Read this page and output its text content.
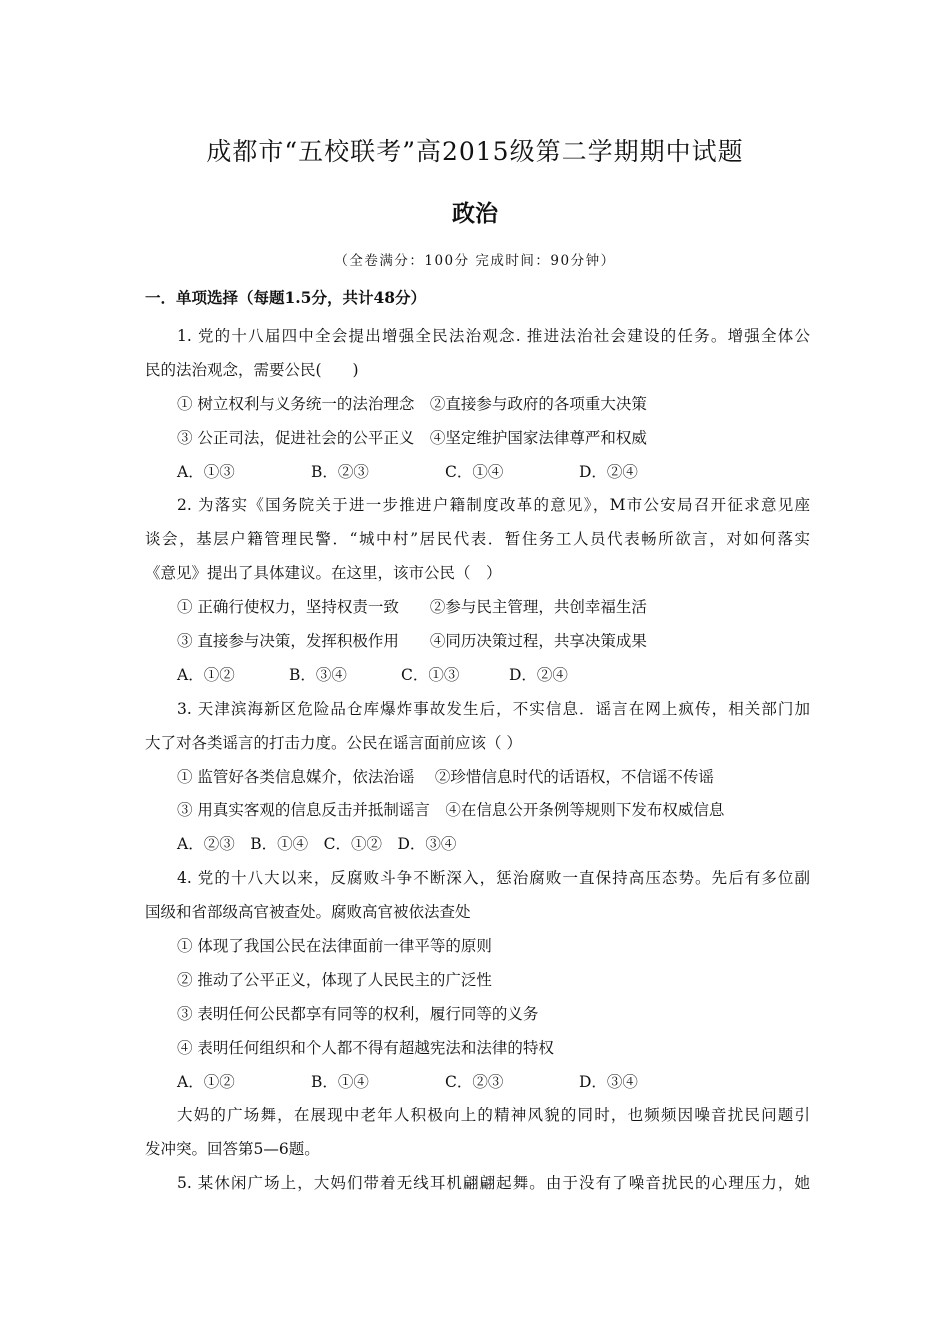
成都市“五校联考”高2015级第二学期期中试题
政治
（全卷满分：100分 完成时间：90分钟）
一．单项选择（每题1.5分，共计48分）
1. 党的十八届四中全会提出增强全民法治观念. 推进法治社会建设的任务。增强全体公
民的法治观念，需要公民(　　)
① 树立权利与义务统一的法治理念　②直接参与政府的各项重大决策
③ 公正司法，促进社会的公平正义　④坚定维护国家法律尊严和权威
A．①③	B．②③	C．①④	D．②④
2. 为落实《国务院关于进一步推进户籍制度改革的意见》，M市公安局召开征求意见座
谈会，基层户籍管理民警．“城中村”居民代表．暂住务工人员代表畅所欲言，对如何落实
《意见》提出了具体建议。在这里，该市公民（　）
① 正确行使权力，坚持权责一致　　②参与民主管理，共创幸福生活
③ 直接参与决策，发挥积极作用　　④同历决策过程，共享决策成果
A．①②	B．③④	C．①③	D．②④
3. 天津滨海新区危险品仓库爆炸事故发生后，不实信息．谣言在网上疯传，相关部门加
大了对各类谣言的打击力度。公民在谣言面前应该（ ）
① 监管好各类信息媒介，依法治谣　 ②珍惜信息时代的话语权，不信谣不传谣
③ 用真实客观的信息反击并抵制谣言　④在信息公开条例等规则下发布权威信息
A．②③　B．①④　C．①②　D．③④
4. 党的十八大以来，反腐败斗争不断深入，惩治腐败一直保持高压态势。先后有多位副
国级和省部级高官被查处。腐败高官被依法查处
① 体现了我国公民在法律面前一律平等的原则
② 推动了公平正义，体现了人民民主的广泛性
③ 表明任何公民都享有同等的权利，履行同等的义务
④ 表明任何组织和个人都不得有超越宪法和法律的特权
A．①②	B．①④	C．②③	D．③④
大妈的广场舞，在展现中老年人积极向上的精神风貌的同时，也频频因噪音扰民问题引
发冲突。回答第5—6题。
5. 某休闲广场上，大妈们带着无线耳机翩翩起舞。由于没有了噪音扰民的心理压力，她
